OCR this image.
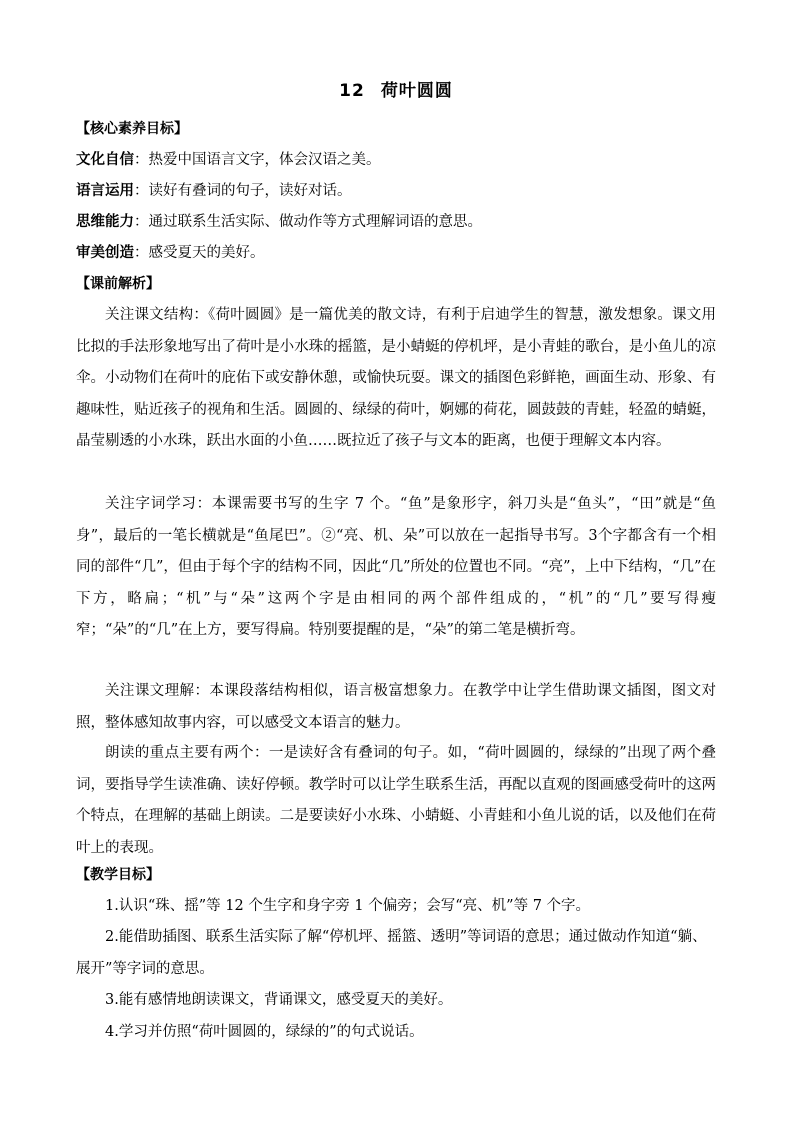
12 荷叶圆圆
【核心素养目标】
文化自信：热爱中国语言文字，体会汉语之美。
语言运用：读好有叠词的句子，读好对话。
思维能力：通过联系生活实际、做动作等方式理解词语的意思。
审美创造：感受夏天的美好。
【课前解析】
关注课文结构：《荷叶圆圆》是一篇优美的散文诗，有利于启迪学生的智慧，激发想象。课文用比拟的手法形象地写出了荷叶是小水珠的摇篮，是小蜻蜓的停机坪，是小青蛙的歌台，是小鱼儿的凉伞。小动物们在荷叶的庇佑下或安静休憩，或愉快玩耍。课文的插图色彩鲜艳，画面生动、形象、有趣味性，贴近孩子的视角和生活。圆圆的、绿绿的荷叶，婀娜的荷花，圆鼓鼓的青蛙，轻盈的蜻蜓，晶莹剔透的小水珠，跃出水面的小鱼……既拉近了孩子与文本的距离，也便于理解文本内容。
关注字词学习：本课需要书写的生字 7 个。“鱼”是象形字，斜刀头是“鱼头”，“田”就是“鱼身”，最后的一笔长横就是“鱼尾巴”。②“亮、机、朵”可以放在一起指导书写。3个字都含有一个相同的部件“几”，但由于每个字的结构不同，因此“几”所处的位置也不同。“亮”，上中下结构，“几”在下方，略扁；“机”与“朵”这两个字是由相同的两个部件组成的，“机”的“几”要写得瘦窄；“朵”的“几”在上方，要写得扁。特别要提醒的是，“朵”的第二笔是横折弯。
关注课文理解：本课段落结构相似，语言极富想象力。在教学中让学生借助课文插图，图文对照，整体感知故事内容，可以感受文本语言的魅力。
朗读的重点主要有两个：一是读好含有叠词的句子。如，“荷叶圆圆的，绿绿的”出现了两个叠词，要指导学生读准确、读好停顿。教学时可以让学生联系生活，再配以直观的图画感受荷叶的这两个特点，在理解的基础上朗读。二是要读好小水珠、小蜻蜓、小青蛙和小鱼儿说的话，以及他们在荷叶上的表现。
【教学目标】
1.认识“珠、摇”等 12 个生字和身字旁 1 个偏旁；会写“亮、机”等 7 个字。
2.能借助插图、联系生活实际了解“停机坪、摇篮、透明”等词语的意思；通过做动作知道“躺、展开”等字词的意思。
3.能有感情地朗读课文，背诵课文，感受夏天的美好。
4.学习并仿照“荷叶圆圆的，绿绿的”的句式说话。
